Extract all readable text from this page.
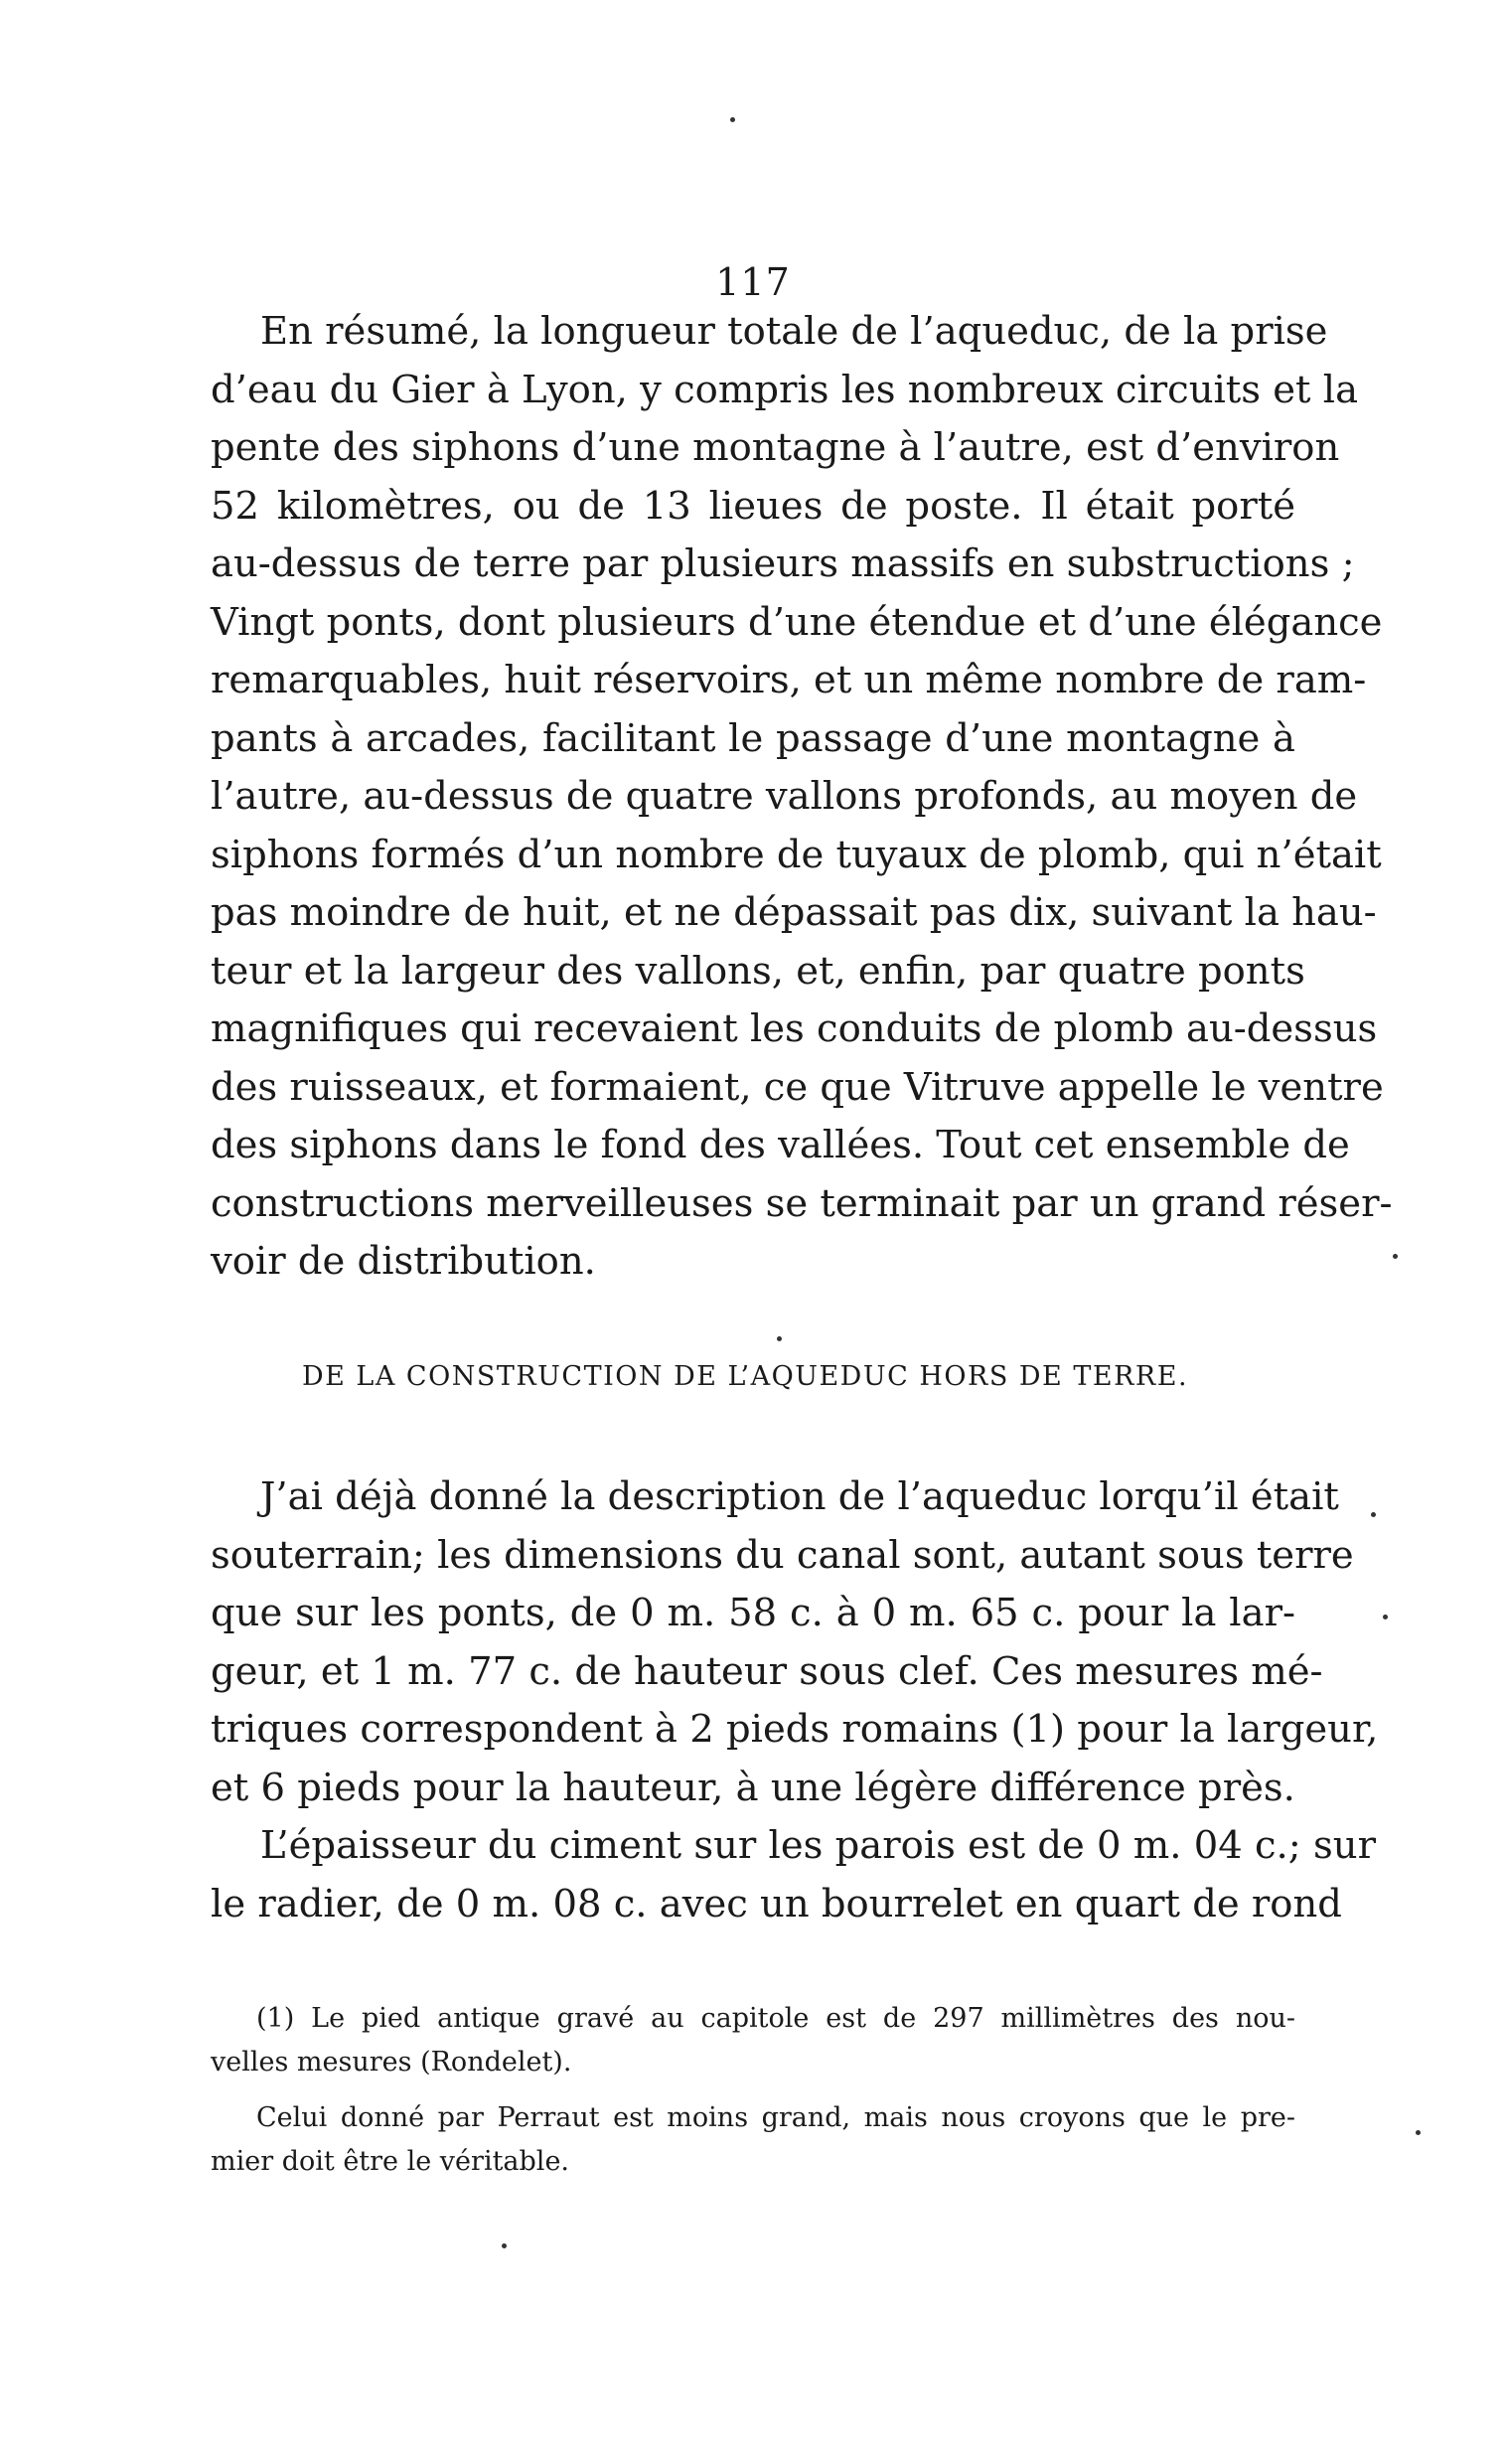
117
En résumé, la longueur totale de l’aqueduc, de la prise
d’eau du Gier à Lyon, y compris les nombreux circuits et la
pente des siphons d’une montagne à l’autre, est d’environ
52 kilomètres, ou de 13 lieues de poste. Il était porté
au-dessus de terre par plusieurs massifs en substructions ;
Vingt ponts, dont plusieurs d’une étendue et d’une élégance
remarquables, huit réservoirs, et un même nombre de ram-
pants à arcades, facilitant le passage d’une montagne à
l’autre, au-dessus de quatre vallons profonds, au moyen de
siphons formés d’un nombre de tuyaux de plomb, qui n’était
pas moindre de huit, et ne dépassait pas dix, suivant la hau-
teur et la largeur des vallons, et, enfin, par quatre ponts
magnifiques qui recevaient les conduits de plomb au-dessus
des ruisseaux, et formaient, ce que Vitruve appelle le ventre
des siphons dans le fond des vallées. Tout cet ensemble de
constructions merveilleuses se terminait par un grand réser-
voir de distribution.
DE LA CONSTRUCTION DE L’AQUEDUC HORS DE TERRE.
J’ai déjà donné la description de l’aqueduc lorqu’il était
souterrain; les dimensions du canal sont, autant sous terre
que sur les ponts, de 0 m. 58 c. à 0 m. 65 c. pour la lar-
geur, et 1 m. 77 c. de hauteur sous clef. Ces mesures mé-
triques correspondent à 2 pieds romains (1) pour la largeur,
et 6 pieds pour la hauteur, à une légère différence près.
L’épaisseur du ciment sur les parois est de 0 m. 04 c.; sur
le radier, de 0 m. 08 c. avec un bourrelet en quart de rond
(1) Le pied antique gravé au capitole est de 297 millimètres des nou-
velles mesures (Rondelet).
Celui donné par Perraut est moins grand, mais nous croyons que le pre-
mier doit être le véritable.
